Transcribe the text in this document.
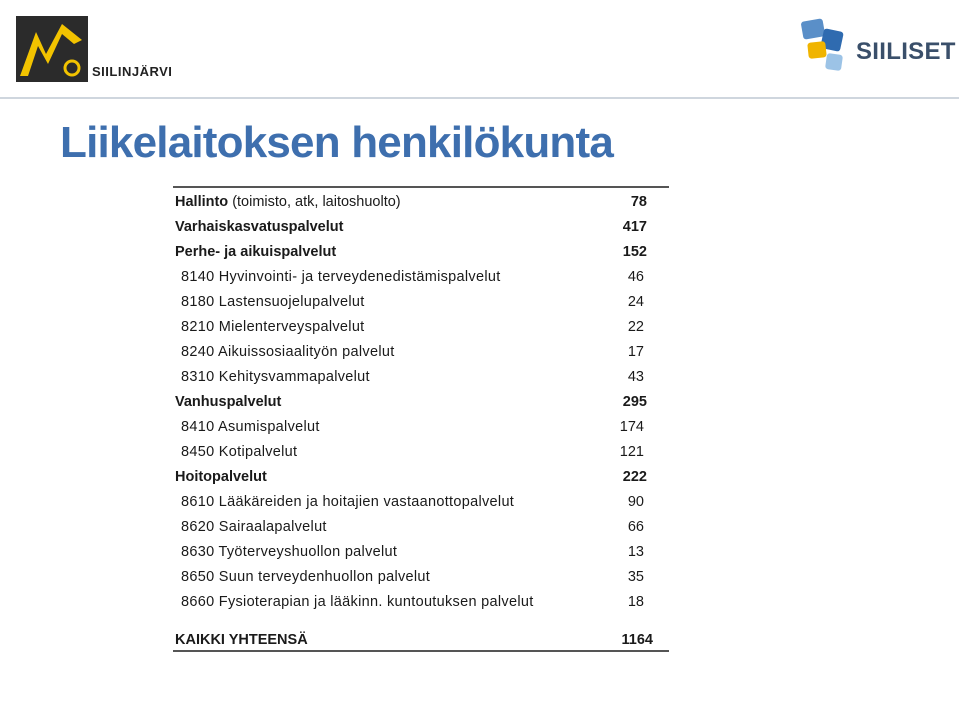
SIILINJÄRVI
SIILISET
Liikelaitoksen henkilökunta
Hallinto (toimisto, atk, laitoshuolto)	78
Varhaiskasvatuspalvelut	417
Perhe- ja aikuispalvelut	152
8140 Hyvinvointi- ja terveydenedistämispalvelut	46
8180 Lastensuojelupalvelut	24
8210 Mielenterveyspalvelut	22
8240 Aikuissosiaalityön palvelut	17
8310 Kehitysvammapalvelut	43
Vanhuspalvelut	295
8410 Asumispalvelut	174
8450 Kotipalvelut	121
Hoitopalvelut	222
8610 Lääkäreiden ja hoitajien vastaanottopalvelut	90
8620 Sairaalapalvelut	66
8630 Työterveyshuollon palvelut	13
8650 Suun terveydenhuollon palvelut	35
8660 Fysioterapian ja lääkinn. kuntoutuksen palvelut	18
KAIKKI YHTEENSÄ	1164
